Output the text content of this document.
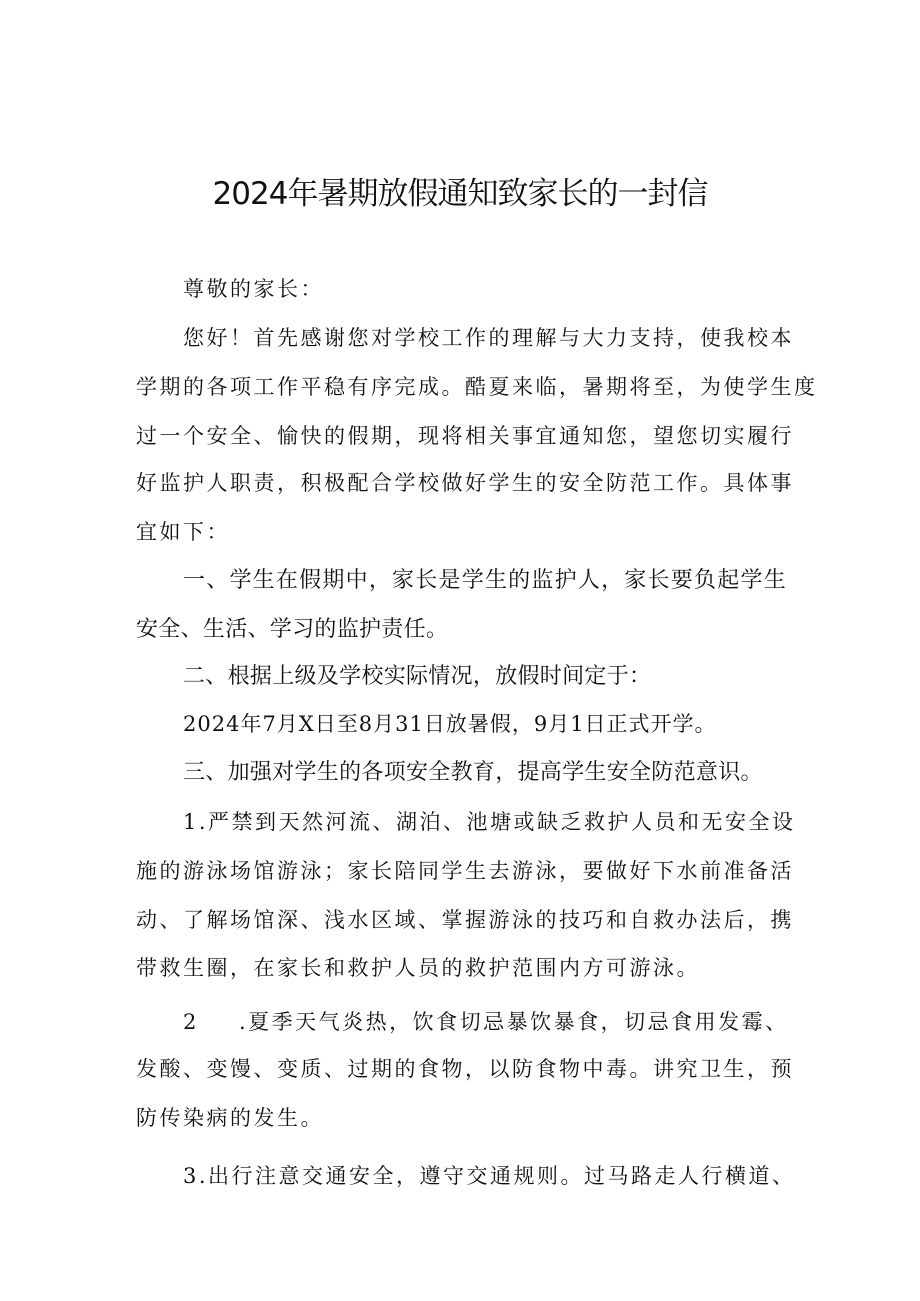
2024年暑期放假通知致家长的一封信
尊敬的家长：
您好！首先感谢您对学校工作的理解与大力支持，使我校本
学期的各项工作平稳有序完成。酷夏来临，暑期将至，为使学生度
过一个安全、愉快的假期，现将相关事宜通知您，望您切实履行
好监护人职责，积极配合学校做好学生的安全防范工作。具体事
宜如下：
一、学生在假期中，家长是学生的监护人，家长要负起学生
安全、生活、学习的监护责任。
二、根据上级及学校实际情况，放假时间定于：
2024年7月X日至8月31日放暑假，9月1日正式开学。
三、加强对学生的各项安全教育，提高学生安全防范意识。
1.严禁到天然河流、湖泊、池塘或缺乏救护人员和无安全设
施的游泳场馆游泳；家长陪同学生去游泳，要做好下水前准备活
动、了解场馆深、浅水区域、掌握游泳的技巧和自救办法后，携
带救生圈，在家长和救护人员的救护范围内方可游泳。
2 .夏季天气炎热，饮食切忌暴饮暴食，切忌食用发霉、
发酸、变馒、变质、过期的食物，以防食物中毒。讲究卫生，预
防传染病的发生。
3.出行注意交通安全，遵守交通规则。过马路走人行横道、
